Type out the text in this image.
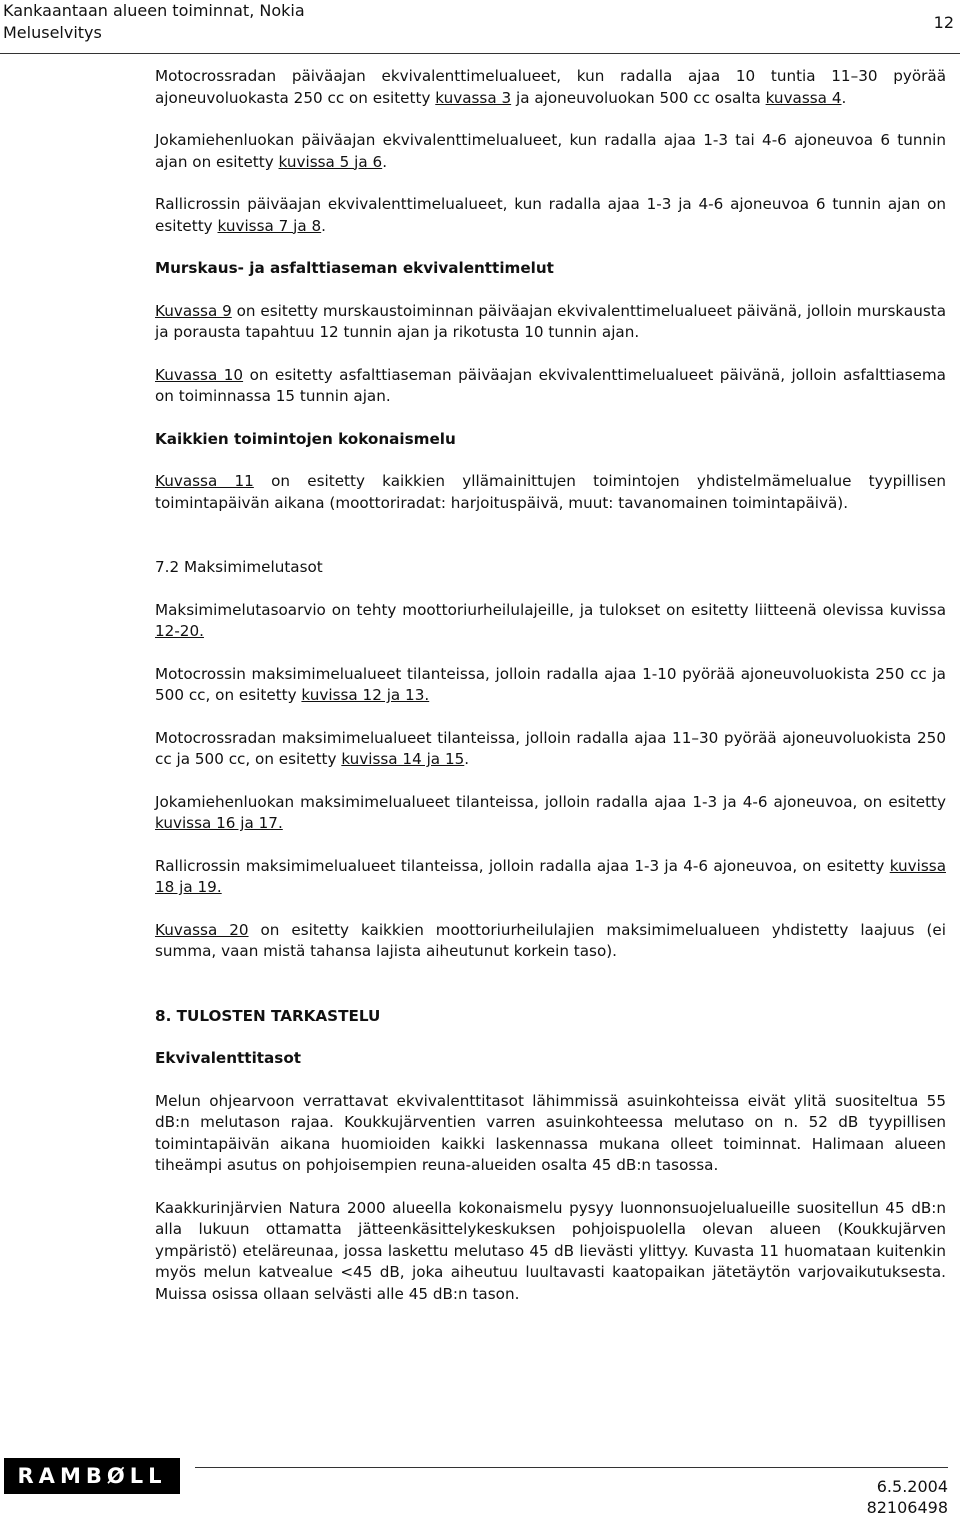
Kankaantaan alueen toiminnat, Nokia
Meluselvitys
12

Motocrossradan päiväajan ekvivalenttimelualueet, kun radalla ajaa 10 tuntia 11–30 pyörää ajoneuvoluokasta 250 cc on esitetty kuvassa 3 ja ajoneuvoluokan 500 cc osalta kuvassa 4.

Jokamiehenluokan päiväajan ekvivalenttimelualueet, kun radalla ajaa 1-3 tai 4-6 ajoneuvoa 6 tunnin ajan on esitetty kuvissa 5 ja 6.

Rallicrossin päiväajan ekvivalenttimelualueet, kun radalla ajaa 1-3 ja 4-6 ajoneuvoa 6 tunnin ajan on esitetty kuvissa 7 ja 8.

Murskaus- ja asfalttiaseman ekvivalenttimelut

Kuvassa 9 on esitetty murskaustoiminnan päiväajan ekvivalenttimelualueet päivänä, jolloin murskausta ja porausta tapahtuu 12 tunnin ajan ja rikotusta 10 tunnin ajan.

Kuvassa 10 on esitetty asfalttiaseman päiväajan ekvivalenttimelualueet päivänä, jolloin asfalttiasema on toiminnassa 15 tunnin ajan.

Kaikkien toimintojen kokonaismelu

Kuvassa 11 on esitetty kaikkien yllämainittujen toimintojen yhdistelmämelualue tyypillisen toimintapäivän aikana (moottoriradat: harjoituspäivä, muut: tavanomainen toimintapäivä).

7.2 Maksimimelutasot

Maksimimelutasoarvio on tehty moottoriurheilulajeille, ja tulokset on esitetty liitteenä olevissa kuvissa 12-20.

Motocrossin maksimimelualueet tilanteissa, jolloin radalla ajaa 1-10 pyörää ajoneuvoluokista 250 cc ja 500 cc, on esitetty kuvissa 12 ja 13.

Motocrossradan maksimimelualueet tilanteissa, jolloin radalla ajaa 11–30 pyörää ajoneuvoluokista 250 cc ja 500 cc, on esitetty kuvissa 14 ja 15.

Jokamiehenluokan maksimimelualueet tilanteissa, jolloin radalla ajaa 1-3 ja 4-6 ajoneuvoa, on esitetty kuvissa 16 ja 17.

Rallicrossin maksimimelualueet tilanteissa, jolloin radalla ajaa 1-3 ja 4-6 ajoneuvoa, on esitetty kuvissa 18 ja 19.

Kuvassa 20 on esitetty kaikkien moottoriurheilulajien maksimimelualueen yhdistetty laajuus (ei summa, vaan mistä tahansa lajista aiheutunut korkein taso).

8. TULOSTEN TARKASTELU
Ekvivalenttitasot

Melun ohjearvoon verrattavat ekvivalenttitasot lähimmissä asuinkohteissa eivät ylitä suositeltua 55 dB:n melutason rajaa. Koukkujärventien varren asuinkohteessa melutaso on n. 52 dB tyypillisen toimintapäivän aikana huomioiden kaikki laskennassa mukana olleet toiminnat. Halimaan alueen tiheämpi asutus on pohjoisempien reuna-alueiden osalta 45 dB:n tasossa.

Kaakkurinjärvien Natura 2000 alueella kokonaismelu pysyy luonnonsuojelualueille suositellun 45 dB:n alla lukuun ottamatta jätteenkäsittelykeskuksen pohjoispuolella olevan alueen (Koukkujärven ympäristö) eteläreunaa, jossa laskettu melutaso 45 dB lievästi ylittyy. Kuvasta 11 huomataan kuitenkin myös melun katvealue <45 dB, joka aiheutuu luultavasti kaatopaikan jätetäytön varjovaikutuksesta. Muissa osissa ollaan selvästi alle 45 dB:n tason.

RAMBØLL	6.5.2004
82106498
